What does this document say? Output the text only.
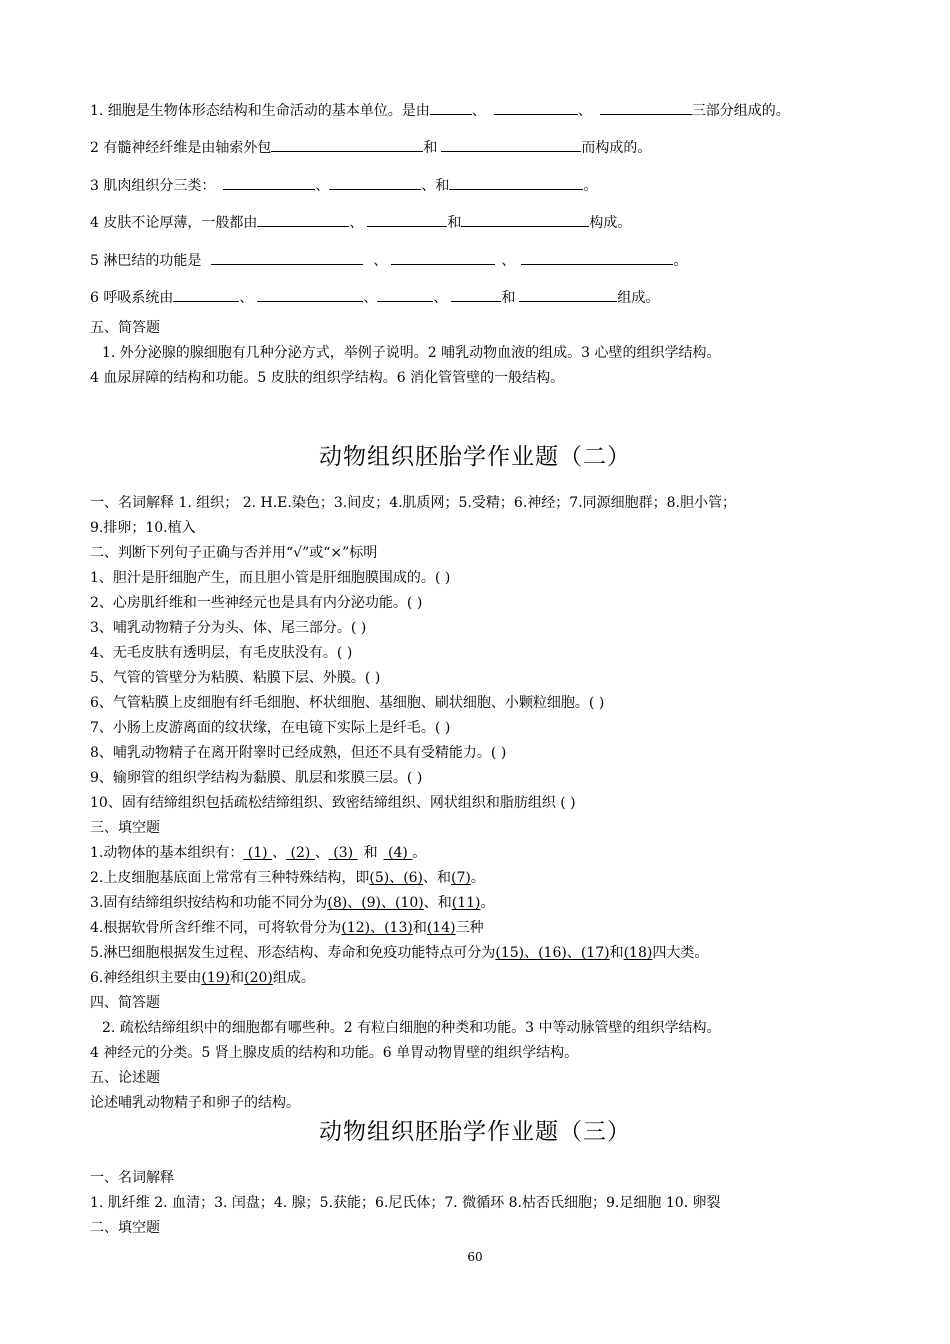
1. 细胞是生物体形态结构和生命活动的基本单位。是由	、	、	三部分组成的。
2 有髓神经纤维是由轴索外包	和	而构成的。
3 肌肉组织分三类：	、	、和	。
4 皮肤不论厚薄，一般都由	、	和	构成。
5 淋巴结的功能是	、	、	。
6 呼吸系统由	、	、	、	和	组成。
五、简答题
1. 外分泌腺的腺细胞有几种分泌方式，举例子说明。2 哺乳动物血液的组成。3 心壁的组织学结构。
4 血尿屏障的结构和功能。5 皮肤的组织学结构。6 消化管管壁的一般结构。
动物组织胚胎学作业题（二）
一、名词解释 1. 组织； 2. H.E.染色；3.间皮；4.肌质网；5.受精；6.神经；7.同源细胞群；8.胆小管；
9.排卵；10.植入
二、判断下列句子正确与否并用“√”或“×”标明
1、胆汁是肝细胞产生，而且胆小管是肝细胞膜围成的。( )
2、心房肌纤维和一些神经元也是具有内分泌功能。( )
3、哺乳动物精子分为头、体、尾三部分。( )
4、无毛皮肤有透明层，有毛皮肤没有。( )
5、气管的管壁分为粘膜、粘膜下层、外膜。( )
6、气管粘膜上皮细胞有纤毛细胞、杯状细胞、基细胞、刷状细胞、小颗粒细胞。( )
7、小肠上皮游离面的纹状缘，在电镜下实际上是纤毛。( )
8、哺乳动物精子在离开附睾时已经成熟，但还不具有受精能力。( )
9、输卵管的组织学结构为黏膜、肌层和浆膜三层。( )
10、固有结缔组织包括疏松结缔组织、致密结缔组织、网状组织和脂肪组织 ( )
三、填空题
1.动物体的基本组织有： (1) 、 (2) 、 (3) 和 (4) 。
2.上皮细胞基底面上常常有三种特殊结构，即(5)、(6)、和(7)。
3.固有结缔组织按结构和功能不同分为(8)、(9)、(10)、和(11)。
4.根据软骨所含纤维不同，可将软骨分为(12)、(13)和(14)三种
5.淋巴细胞根据发生过程、形态结构、寿命和免疫功能特点可分为(15)、(16)、(17)和(18)四大类。
6.神经组织主要由(19)和(20)组成。
四、简答题
2. 疏松结缔组织中的细胞都有哪些种。2 有粒白细胞的种类和功能。3 中等动脉管壁的组织学结构。
4 神经元的分类。5 肾上腺皮质的结构和功能。6 单胃动物胃壁的组织学结构。
五、论述题
论述哺乳动物精子和卵子的结构。
动物组织胚胎学作业题（三）
一、名词解释
1. 肌纤维 2. 血清；3. 闰盘；4. 腺；5.获能；6.尼氏体；7. 微循环 8.枯否氏细胞；9.足细胞 10. 卵裂
二、填空题
60
